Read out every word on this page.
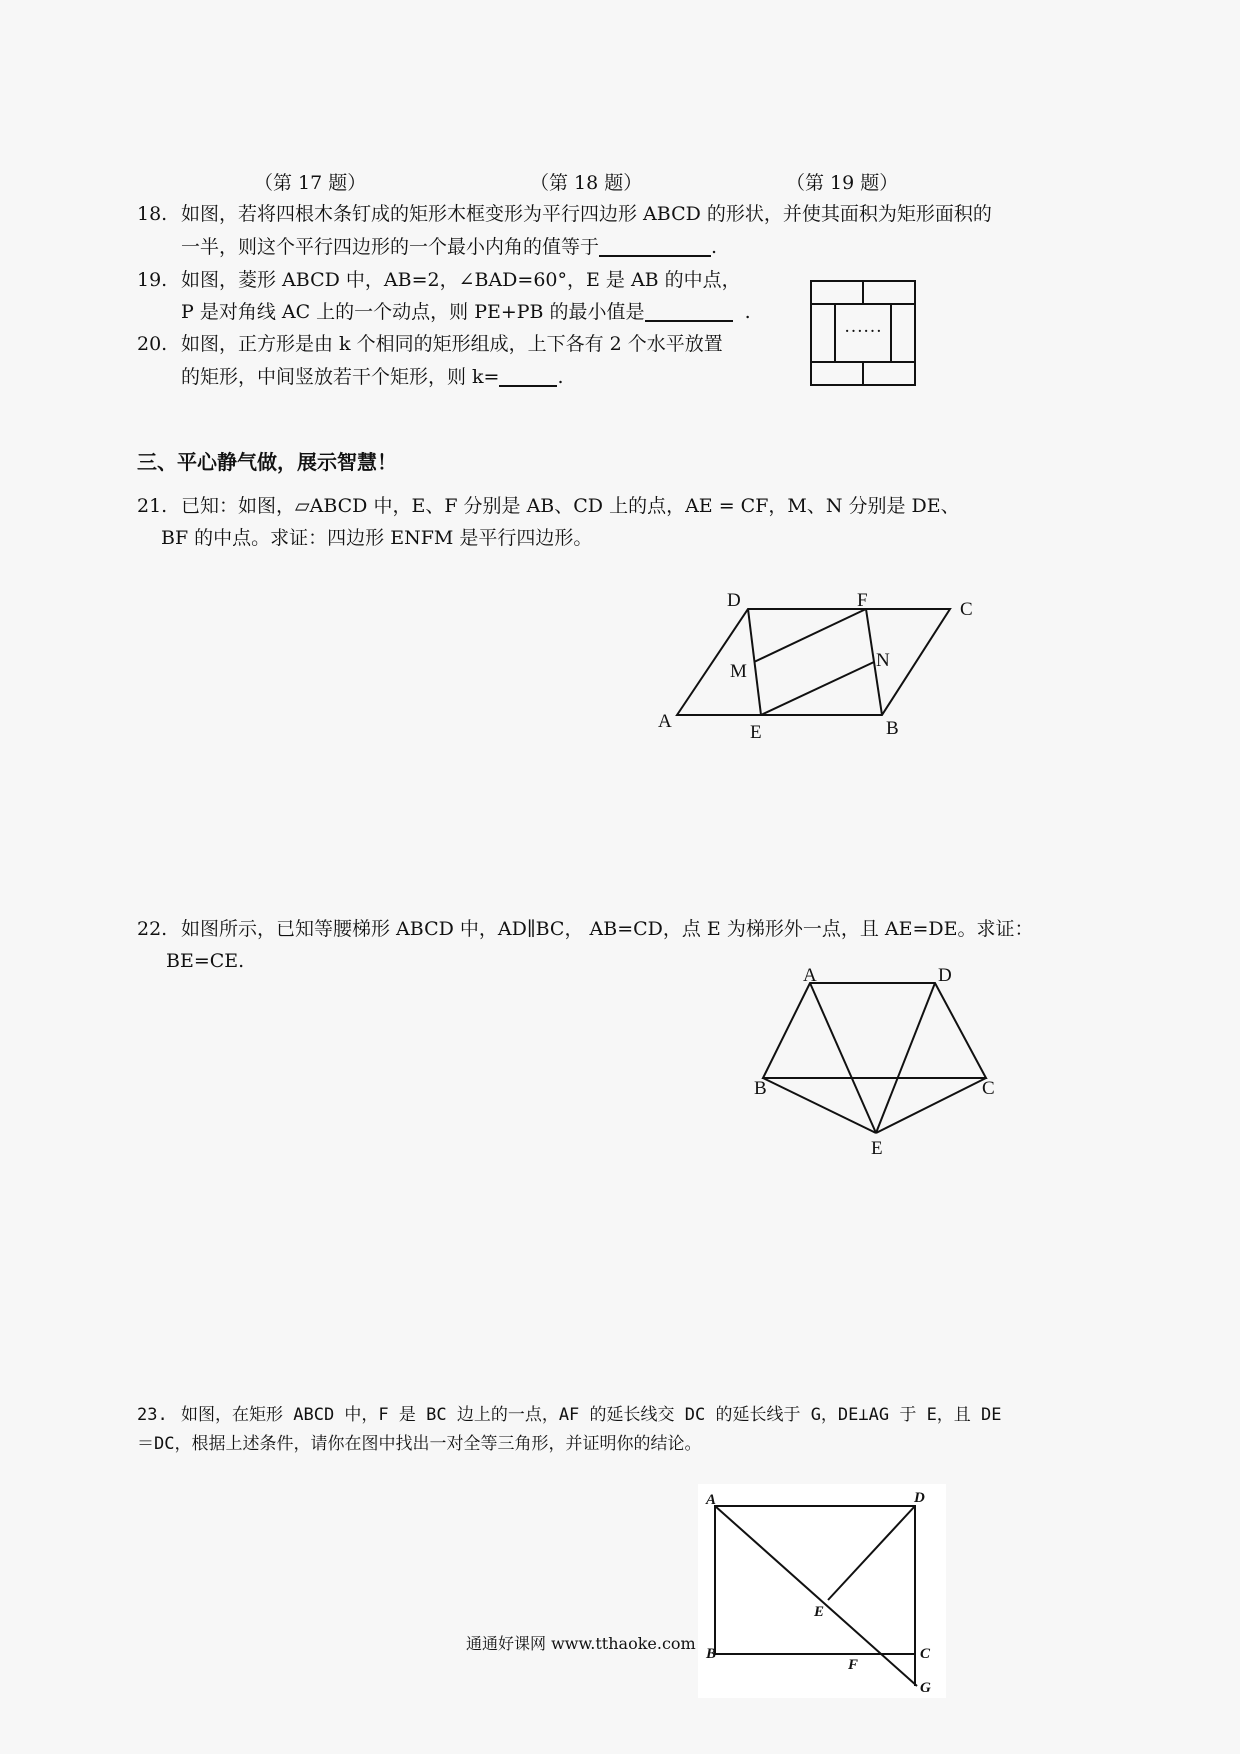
（第 17 题）	（第 18 题）	（第 19 题）
18. 如图，若将四根木条钉成的矩形木框变形为平行四边形 ABCD 的形状，并使其面积为矩形面积的
一半，则这个平行四边形的一个最小内角的值等于	.
19. 如图，菱形 ABCD 中，AB=2，∠BAD=60°，E 是 AB 的中点，
P 是对角线 AC 上的一个动点，则 PE+PB 的最小值是	.
20. 如图，正方形是由 k 个相同的矩形组成，上下各有 2 个水平放置
的矩形，中间竖放若干个矩形，则 k=	.
……
三、平心静气做，展示智慧！
21. 已知：如图，▱ABCD 中，E、F 分别是 AB、CD 上的点，AE = CF，M、N 分别是 DE、
BF 的中点。求证：四边形 ENFM 是平行四边形。
A	B
C
D
E
F
M
N
22. 如图所示，已知等腰梯形 ABCD 中，AD∥BC， AB=CD，点 E 为梯形外一点，且 AE=DE。求证：
BE=CE.
A
B	C
D
E
23. 如图，在矩形 ABCD 中，F 是 BC 边上的一点，AF 的延长线交 DC 的延长线于 G，DE⊥AG 于 E，且 DE
＝DC，根据上述条件，请你在图中找出一对全等三角形，并证明你的结论。
A
B	C
D
E
F
G
通通好课网 www.tthaoke.com
